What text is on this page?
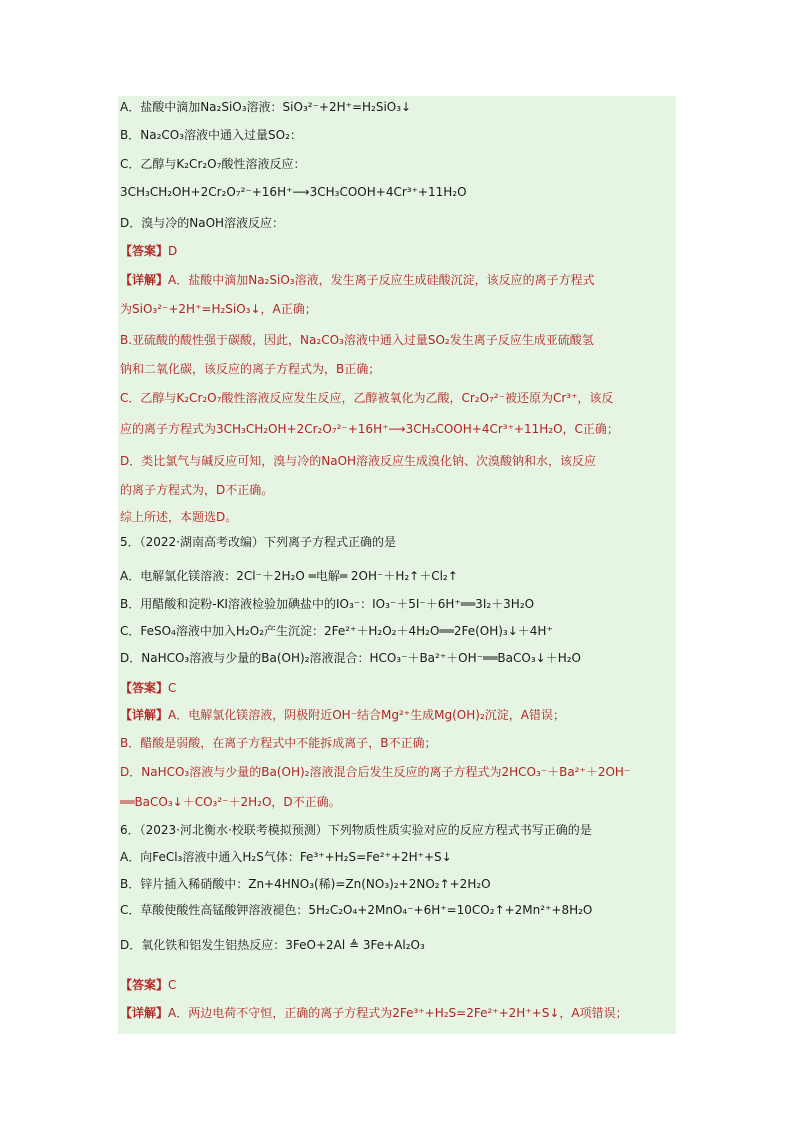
A．盐酸中滴加Na₂SiO₃溶液：SiO₃²⁻+2H⁺=H₂SiO₃↓
B．Na₂CO₃溶液中通入过量SO₂：
C．乙醇与K₂Cr₂O₇酸性溶液反应：
3CH₃CH₂OH+2Cr₂O₇²⁻+16H⁺⟶3CH₃COOH+4Cr³⁺+11H₂O
D．溴与冷的NaOH溶液反应：
【答案】D
【详解】A．盐酸中滴加Na₂SiO₃溶液，发生离子反应生成硅酸沉淀，该反应的离子方程式
为SiO₃²⁻+2H⁺=H₂SiO₃↓，A正确；
B.亚硫酸的酸性强于碳酸，因此，Na₂CO₃溶液中通入过量SO₂发生离子反应生成亚硫酸氢
钠和二氧化碳，该反应的离子方程式为，B正确；
C．乙醇与K₂Cr₂O₇酸性溶液反应发生反应，乙醇被氧化为乙酸，Cr₂O₇²⁻被还原为Cr³⁺，该反
应的离子方程式为3CH₃CH₂OH+2Cr₂O₇²⁻+16H⁺⟶3CH₃COOH+4Cr³⁺+11H₂O，C正确；
D．类比氯气与碱反应可知，溴与冷的NaOH溶液反应生成溴化钠、次溴酸钠和水，该反应
的离子方程式为，D不正确。
综上所述，本题选D。
5．（2022·湖南高考改编）下列离子方程式正确的是
A．电解氯化镁溶液：2Cl⁻＋2H₂O ═电解═ 2OH⁻＋H₂↑＋Cl₂↑
B．用醋酸和淀粉-KI溶液检验加碘盐中的IO₃⁻：IO₃⁻＋5I⁻＋6H⁺══3I₂＋3H₂O
C．FeSO₄溶液中加入H₂O₂产生沉淀：2Fe²⁺＋H₂O₂＋4H₂O══2Fe(OH)₃↓＋4H⁺
D．NaHCO₃溶液与少量的Ba(OH)₂溶液混合：HCO₃⁻＋Ba²⁺＋OH⁻══BaCO₃↓＋H₂O
【答案】C
【详解】A．电解氯化镁溶液，阴极附近OH⁻结合Mg²⁺生成Mg(OH)₂沉淀，A错误；
B．醋酸是弱酸，在离子方程式中不能拆成离子，B不正确；
D．NaHCO₃溶液与少量的Ba(OH)₂溶液混合后发生反应的离子方程式为2HCO₃⁻＋Ba²⁺＋2OH⁻
══BaCO₃↓＋CO₃²⁻＋2H₂O，D不正确。
6．（2023·河北衡水·校联考模拟预测）下列物质性质实验对应的反应方程式书写正确的是
A．向FeCl₃溶液中通入H₂S气体：Fe³⁺+H₂S=Fe²⁺+2H⁺+S↓
B．锌片插入稀硝酸中：Zn+4HNO₃(稀)=Zn(NO₃)₂+2NO₂↑+2H₂O
C．草酸使酸性高锰酸钾溶液褪色：5H₂C₂O₄+2MnO₄⁻+6H⁺=10CO₂↑+2Mn²⁺+8H₂O
D．氧化铁和铝发生铝热反应：3FeO+2Al ≜ 3Fe+Al₂O₃
【答案】C
【详解】A．两边电荷不守恒，正确的离子方程式为2Fe³⁺+H₂S=2Fe²⁺+2H⁺+S↓，A项错误；
